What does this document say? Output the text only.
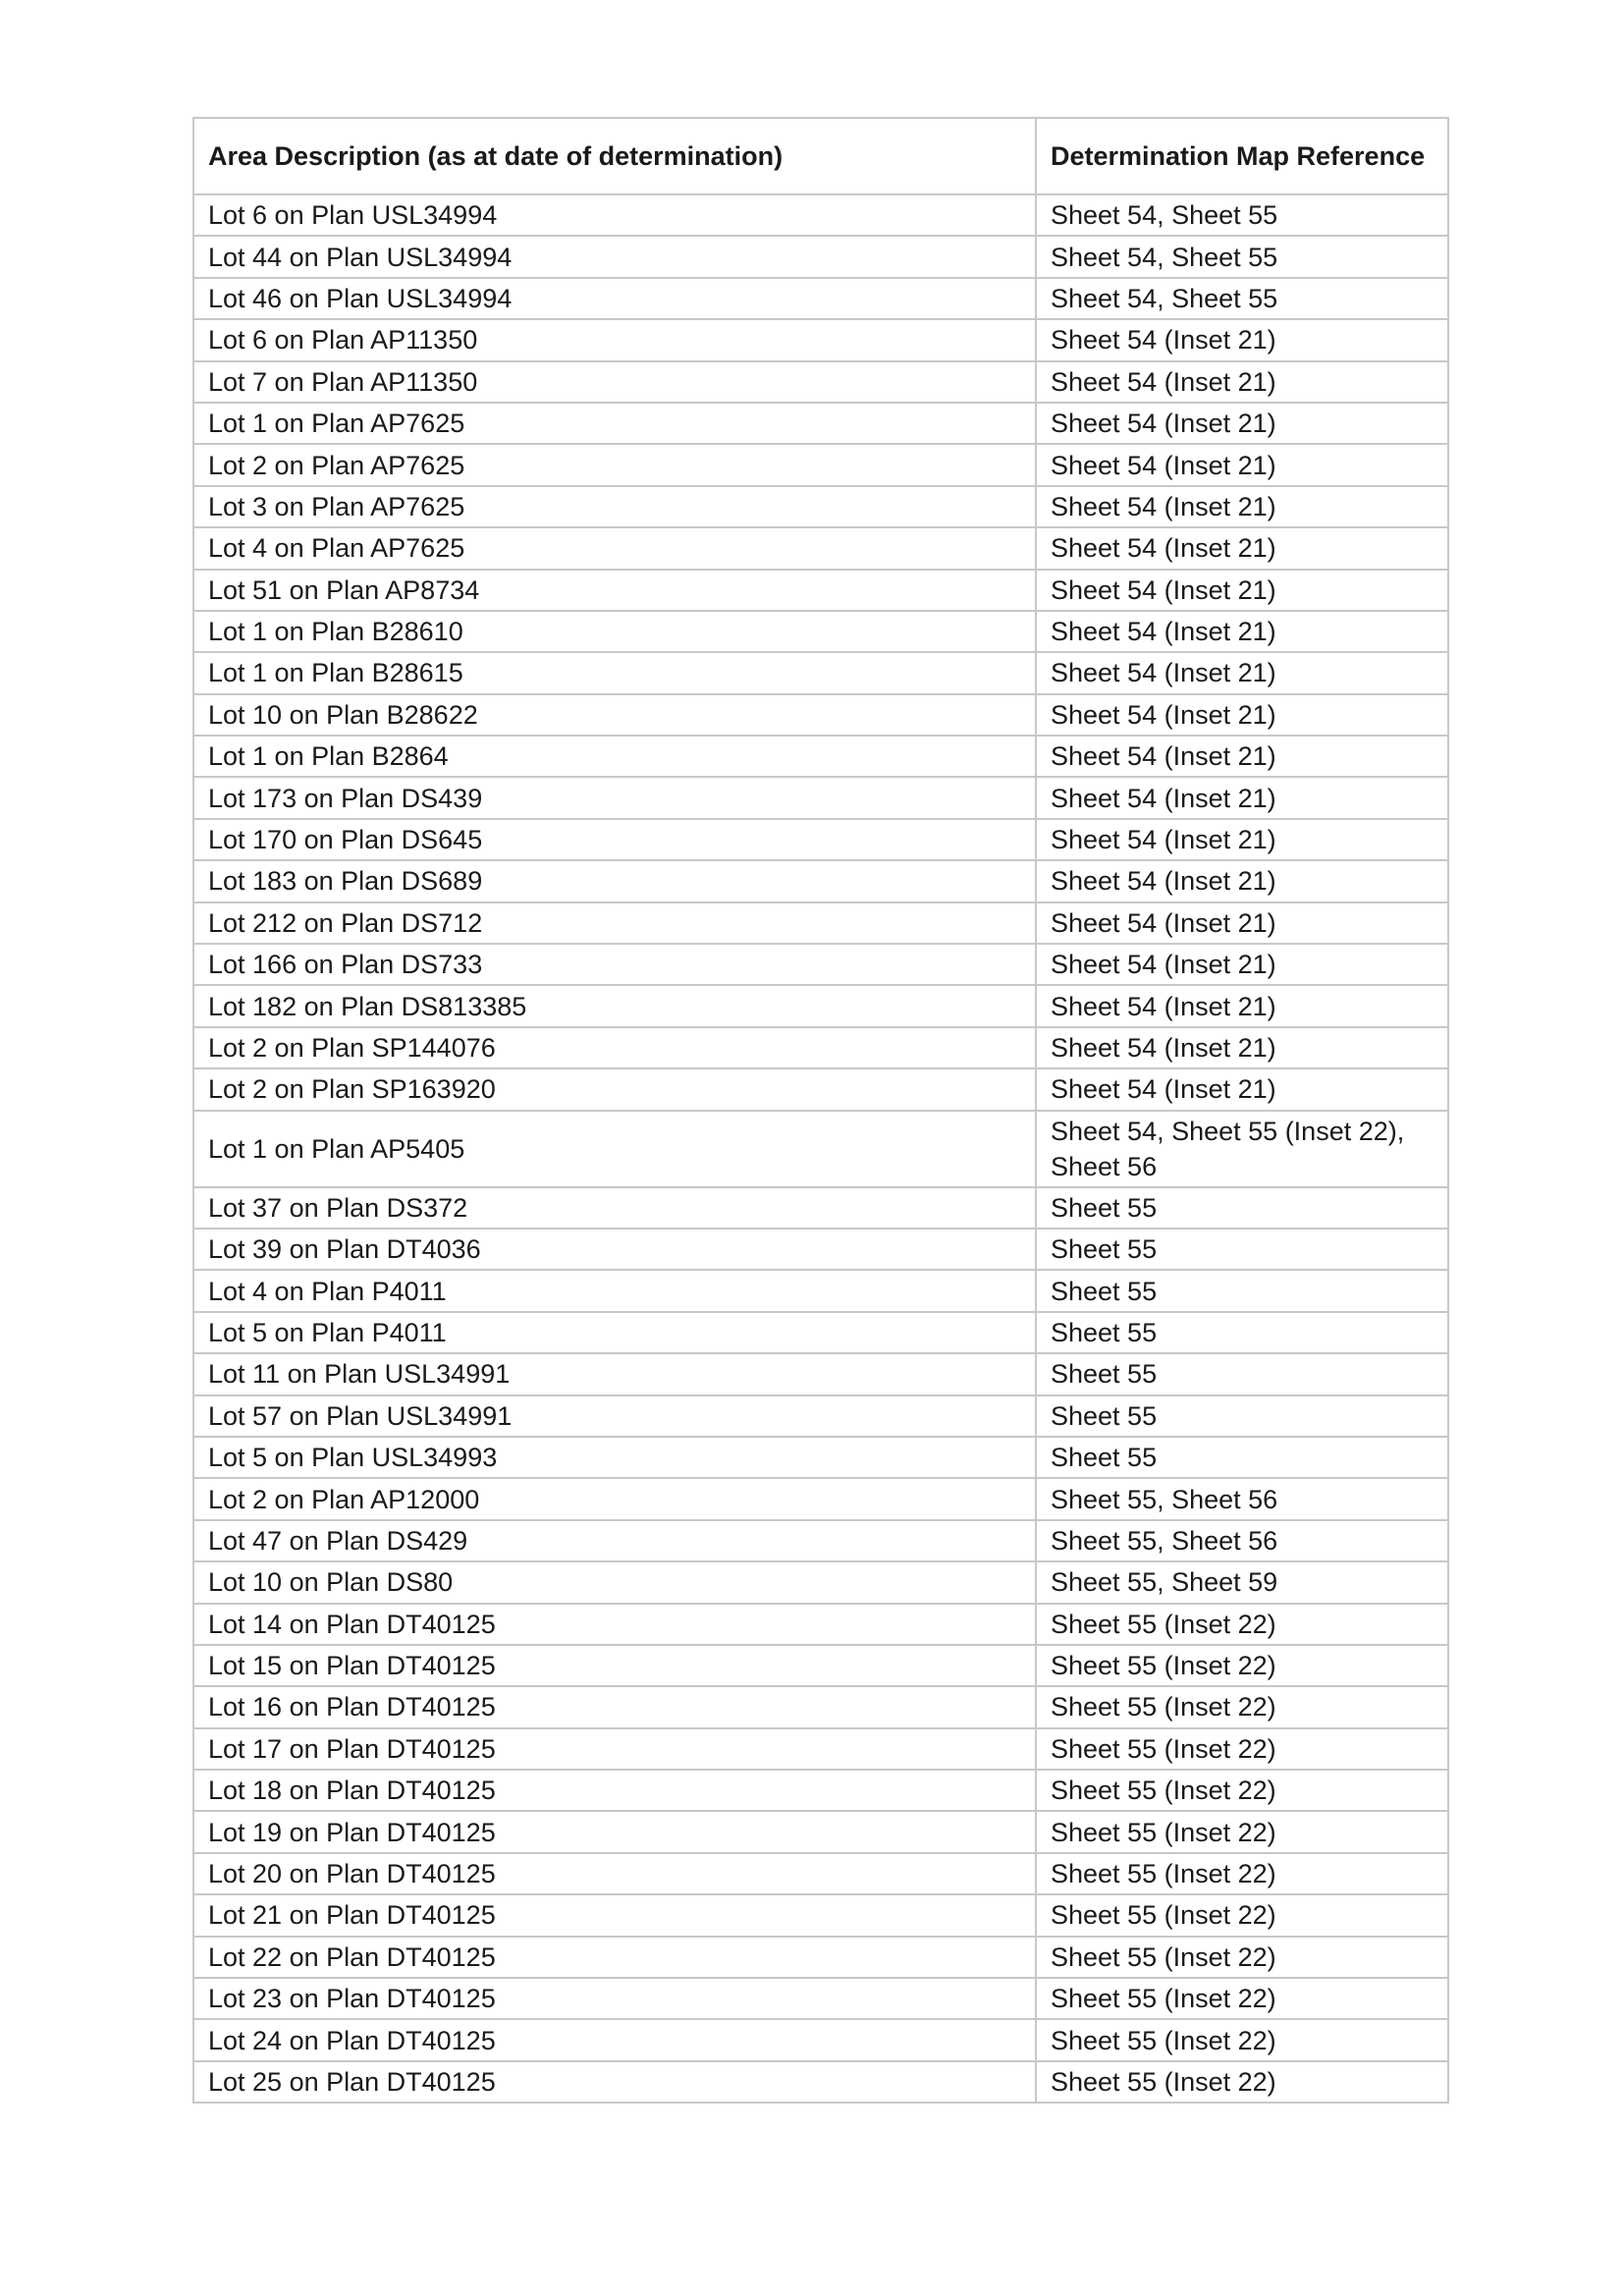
Area Description (as at date of determination)	Determination Map Reference
Lot 6 on Plan USL34994	Sheet 54, Sheet 55
Lot 44 on Plan USL34994	Sheet 54, Sheet 55
Lot 46 on Plan USL34994	Sheet 54, Sheet 55
Lot 6 on Plan AP11350	Sheet 54 (Inset 21)
Lot 7 on Plan AP11350	Sheet 54 (Inset 21)
Lot 1 on Plan AP7625	Sheet 54 (Inset 21)
Lot 2 on Plan AP7625	Sheet 54 (Inset 21)
Lot 3 on Plan AP7625	Sheet 54 (Inset 21)
Lot 4 on Plan AP7625	Sheet 54 (Inset 21)
Lot 51 on Plan AP8734	Sheet 54 (Inset 21)
Lot 1 on Plan B28610	Sheet 54 (Inset 21)
Lot 1 on Plan B28615	Sheet 54 (Inset 21)
Lot 10 on Plan B28622	Sheet 54 (Inset 21)
Lot 1 on Plan B2864	Sheet 54 (Inset 21)
Lot 173 on Plan DS439	Sheet 54 (Inset 21)
Lot 170 on Plan DS645	Sheet 54 (Inset 21)
Lot 183 on Plan DS689	Sheet 54 (Inset 21)
Lot 212 on Plan DS712	Sheet 54 (Inset 21)
Lot 166 on Plan DS733	Sheet 54 (Inset 21)
Lot 182 on Plan DS813385	Sheet 54 (Inset 21)
Lot 2 on Plan SP144076	Sheet 54 (Inset 21)
Lot 2 on Plan SP163920	Sheet 54 (Inset 21)
Lot 1 on Plan AP5405	Sheet 54, Sheet 55 (Inset 22), Sheet 56
Lot 37 on Plan DS372	Sheet 55
Lot 39 on Plan DT4036	Sheet 55
Lot 4 on Plan P4011	Sheet 55
Lot 5 on Plan P4011	Sheet 55
Lot 11 on Plan USL34991	Sheet 55
Lot 57 on Plan USL34991	Sheet 55
Lot 5 on Plan USL34993	Sheet 55
Lot 2 on Plan AP12000	Sheet 55, Sheet 56
Lot 47 on Plan DS429	Sheet 55, Sheet 56
Lot 10 on Plan DS80	Sheet 55, Sheet 59
Lot 14 on Plan DT40125	Sheet 55 (Inset 22)
Lot 15 on Plan DT40125	Sheet 55 (Inset 22)
Lot 16 on Plan DT40125	Sheet 55 (Inset 22)
Lot 17 on Plan DT40125	Sheet 55 (Inset 22)
Lot 18 on Plan DT40125	Sheet 55 (Inset 22)
Lot 19 on Plan DT40125	Sheet 55 (Inset 22)
Lot 20 on Plan DT40125	Sheet 55 (Inset 22)
Lot 21 on Plan DT40125	Sheet 55 (Inset 22)
Lot 22 on Plan DT40125	Sheet 55 (Inset 22)
Lot 23 on Plan DT40125	Sheet 55 (Inset 22)
Lot 24 on Plan DT40125	Sheet 55 (Inset 22)
Lot 25 on Plan DT40125	Sheet 55 (Inset 22)
